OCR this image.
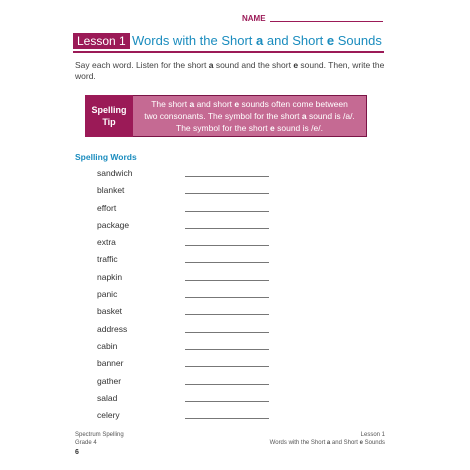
NAME
Lesson 1 Words with the Short a and Short e Sounds
Say each word. Listen for the short a sound and the short e sound. Then, write the word.
Spelling
Tip
The short a and short e sounds often come between
two consonants. The symbol for the short a sound is /a/.
The symbol for the short e sound is /e/.
Spelling Words
sandwich
blanket
effort
package
extra
traffic
napkin
panic
basket
address
cabin
banner
gather
salad
celery
Spectrum Spelling
Grade 4
6
Lesson 1
Words with the Short a and Short e Sounds
